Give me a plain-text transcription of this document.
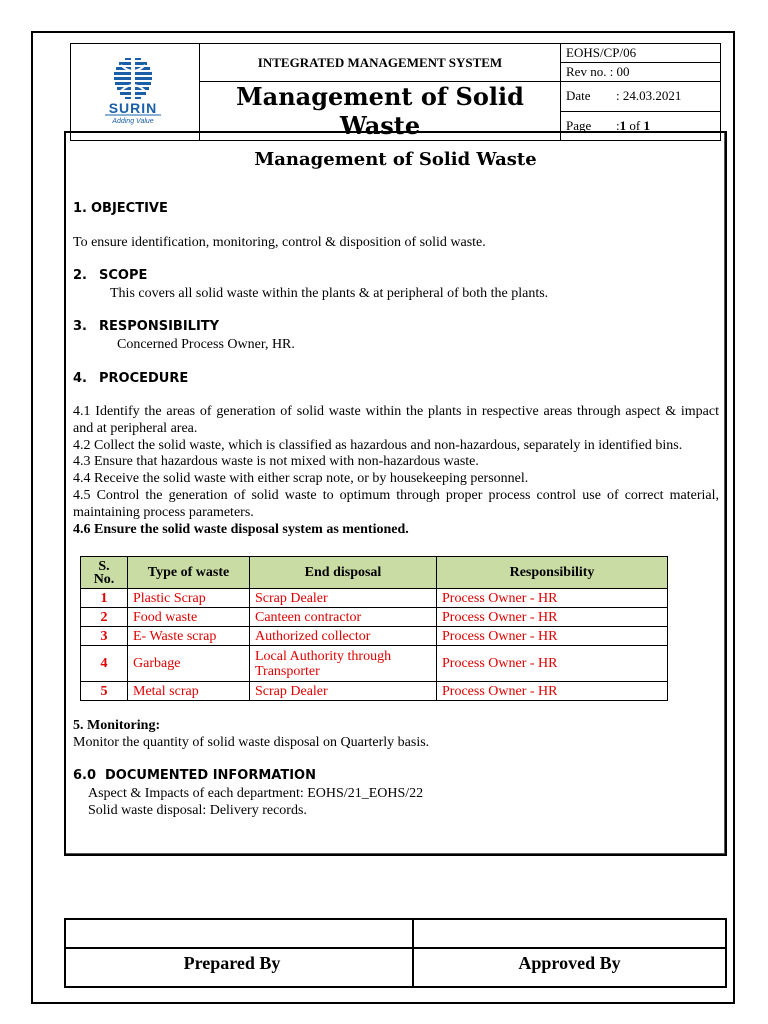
SURIN
Adding Value	INTEGRATED MANAGEMENT SYSTEM	EOHS/CP/06
		Rev no. : 00
	Management of Solid Waste	Date : 24.03.2021
		Page :1 of 1
Management of Solid Waste
1. OBJECTIVE
To ensure identification, monitoring, control & disposition of solid waste.
2. SCOPE
This covers all solid waste within the plants & at peripheral of both the plants.
3. RESPONSIBILITY
Concerned Process Owner, HR.
4. PROCEDURE

4.1 Identify the areas of generation of solid waste within the plants in respective areas through aspect & impact and at peripheral area.

4.2 Collect the solid waste, which is classified as hazardous and non-hazardous, separately in identified bins.

4.3 Ensure that hazardous waste is not mixed with non-hazardous waste.

4.4 Receive the solid waste with either scrap note, or by housekeeping personnel.

4.5 Control the generation of solid waste to optimum through proper process control use of correct material, maintaining process parameters.

4.6 Ensure the solid waste disposal system as mentioned.

S.
No.	Type of waste	End disposal	Responsibility
1	Plastic Scrap	Scrap Dealer	Process Owner - HR
2	Food waste	Canteen contractor	Process Owner - HR
3	E- Waste scrap	Authorized collector	Process Owner - HR
4	Garbage	Local Authority through Transporter	Process Owner - HR
5	Metal scrap	Scrap Dealer	Process Owner - HR
5. Monitoring:
Monitor the quantity of solid waste disposal on Quarterly basis.
6.0 DOCUMENTED INFORMATION
Aspect & Impacts of each department: EOHS/21_EOHS/22
Solid waste disposal: Delivery records.
Prepared By	Approved By
